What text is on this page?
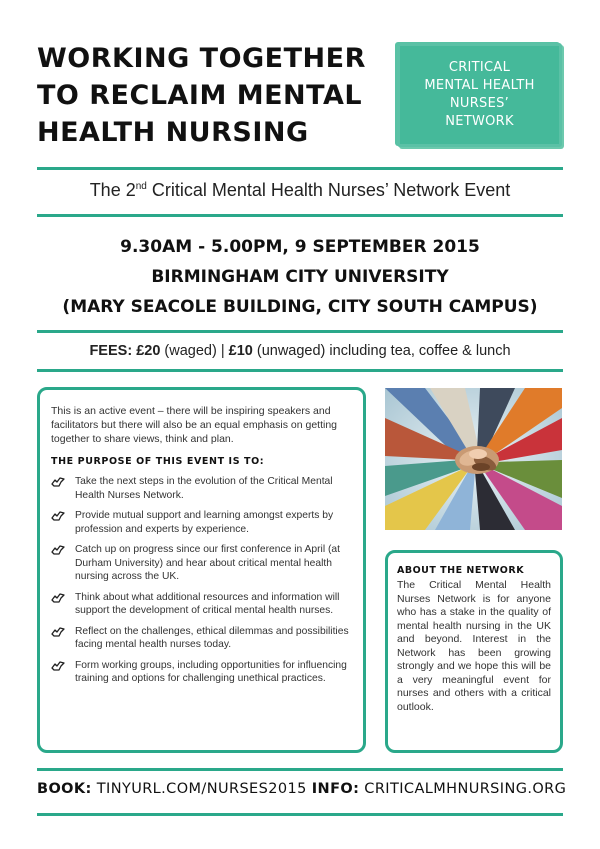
WORKING TOGETHER
TO RECLAIM MENTAL
HEALTH NURSING
CRITICAL
MENTAL HEALTH
NURSES’
NETWORK
The 2nd Critical Mental Health Nurses’ Network Event
9.30AM - 5.00PM, 9 SEPTEMBER 2015
BIRMINGHAM CITY UNIVERSITY
(MARY SEACOLE BUILDING, CITY SOUTH CAMPUS)
FEES: £20 (waged) | £10 (unwaged) including tea, coffee & lunch

This is an active event – there will be inspiring speakers and facilitators but there will also be an equal emphasis on getting together to share views, think and plan.

THE PURPOSE OF THIS EVENT IS TO:
Take the next steps in the evolution of the Critical Mental Health Nurses Network.
Provide mutual support and learning amongst experts by profession and experts by experience.
Catch up on progress since our first conference in April (at Durham University) and hear about critical mental health nursing across the UK.
Think about what additional resources and information will support the development of critical mental health nurses.
Reflect on the challenges, ethical dilemmas and possibilities facing mental health nurses today.
Form working groups, including opportunities for influencing training and options for challenging unethical practices.
ABOUT THE NETWORK

The Critical Mental Health Nurses Network is for anyone who has a stake in the quality of mental health nursing in the UK and beyond. Interest in the Network has been growing strongly and we hope this will be a very meaningful event for nurses and others with a critical outlook.

BOOK: TINYURL.COM/NURSES2015 INFO: CRITICALMHNURSING.ORG
